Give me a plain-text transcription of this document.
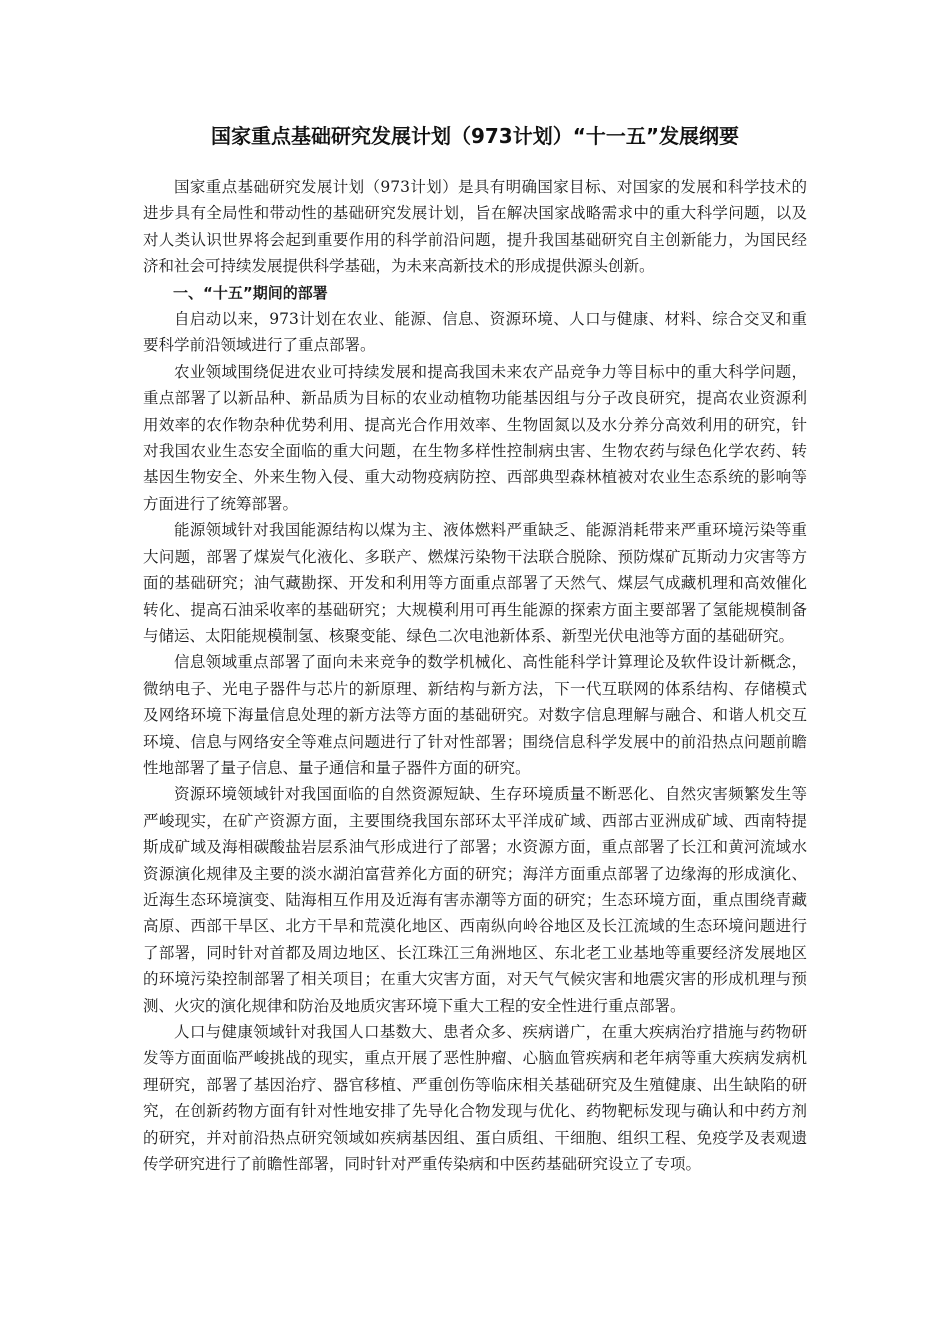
国家重点基础研究发展计划（973计划）“十一五”发展纲要

国家重点基础研究发展计划（973计划）是具有明确国家目标、对国家的发展和科学技术的进步具有全局性和带动性的基础研究发展计划，旨在解决国家战略需求中的重大科学问题，以及对人类认识世界将会起到重要作用的科学前沿问题，提升我国基础研究自主创新能力，为国民经济和社会可持续发展提供科学基础，为未来高新技术的形成提供源头创新。

一、“十五”期间的部署

自启动以来，973计划在农业、能源、信息、资源环境、人口与健康、材料、综合交叉和重要科学前沿领域进行了重点部署。

农业领域围绕促进农业可持续发展和提高我国未来农产品竞争力等目标中的重大科学问题，重点部署了以新品种、新品质为目标的农业动植物功能基因组与分子改良研究，提高农业资源利用效率的农作物杂种优势利用、提高光合作用效率、生物固氮以及水分养分高效利用的研究，针对我国农业生态安全面临的重大问题，在生物多样性控制病虫害、生物农药与绿色化学农药、转基因生物安全、外来生物入侵、重大动物疫病防控、西部典型森林植被对农业生态系统的影响等方面进行了统筹部署。

能源领域针对我国能源结构以煤为主、液体燃料严重缺乏、能源消耗带来严重环境污染等重大问题，部署了煤炭气化液化、多联产、燃煤污染物干法联合脱除、预防煤矿瓦斯动力灾害等方面的基础研究；油气藏勘探、开发和利用等方面重点部署了天然气、煤层气成藏机理和高效催化转化、提高石油采收率的基础研究；大规模利用可再生能源的探索方面主要部署了氢能规模制备与储运、太阳能规模制氢、核聚变能、绿色二次电池新体系、新型光伏电池等方面的基础研究。

信息领域重点部署了面向未来竞争的数学机械化、高性能科学计算理论及软件设计新概念，微纳电子、光电子器件与芯片的新原理、新结构与新方法，下一代互联网的体系结构、存储模式及网络环境下海量信息处理的新方法等方面的基础研究。对数字信息理解与融合、和谐人机交互环境、信息与网络安全等难点问题进行了针对性部署；围绕信息科学发展中的前沿热点问题前瞻性地部署了量子信息、量子通信和量子器件方面的研究。

资源环境领域针对我国面临的自然资源短缺、生存环境质量不断恶化、自然灾害频繁发生等严峻现实，在矿产资源方面，主要围绕我国东部环太平洋成矿域、西部古亚洲成矿域、西南特提斯成矿域及海相碳酸盐岩层系油气形成进行了部署；水资源方面，重点部署了长江和黄河流域水资源演化规律及主要的淡水湖泊富营养化方面的研究；海洋方面重点部署了边缘海的形成演化、近海生态环境演变、陆海相互作用及近海有害赤潮等方面的研究；生态环境方面，重点围绕青藏高原、西部干旱区、北方干旱和荒漠化地区、西南纵向岭谷地区及长江流域的生态环境问题进行了部署，同时针对首都及周边地区、长江珠江三角洲地区、东北老工业基地等重要经济发展地区的环境污染控制部署了相关项目；在重大灾害方面，对天气气候灾害和地震灾害的形成机理与预测、火灾的演化规律和防治及地质灾害环境下重大工程的安全性进行重点部署。

人口与健康领域针对我国人口基数大、患者众多、疾病谱广，在重大疾病治疗措施与药物研发等方面面临严峻挑战的现实，重点开展了恶性肿瘤、心脑血管疾病和老年病等重大疾病发病机理研究，部署了基因治疗、器官移植、严重创伤等临床相关基础研究及生殖健康、出生缺陷的研究，在创新药物方面有针对性地安排了先导化合物发现与优化、药物靶标发现与确认和中药方剂的研究，并对前沿热点研究领域如疾病基因组、蛋白质组、干细胞、组织工程、免疫学及表观遗传学研究进行了前瞻性部署，同时针对严重传染病和中医药基础研究设立了专项。
